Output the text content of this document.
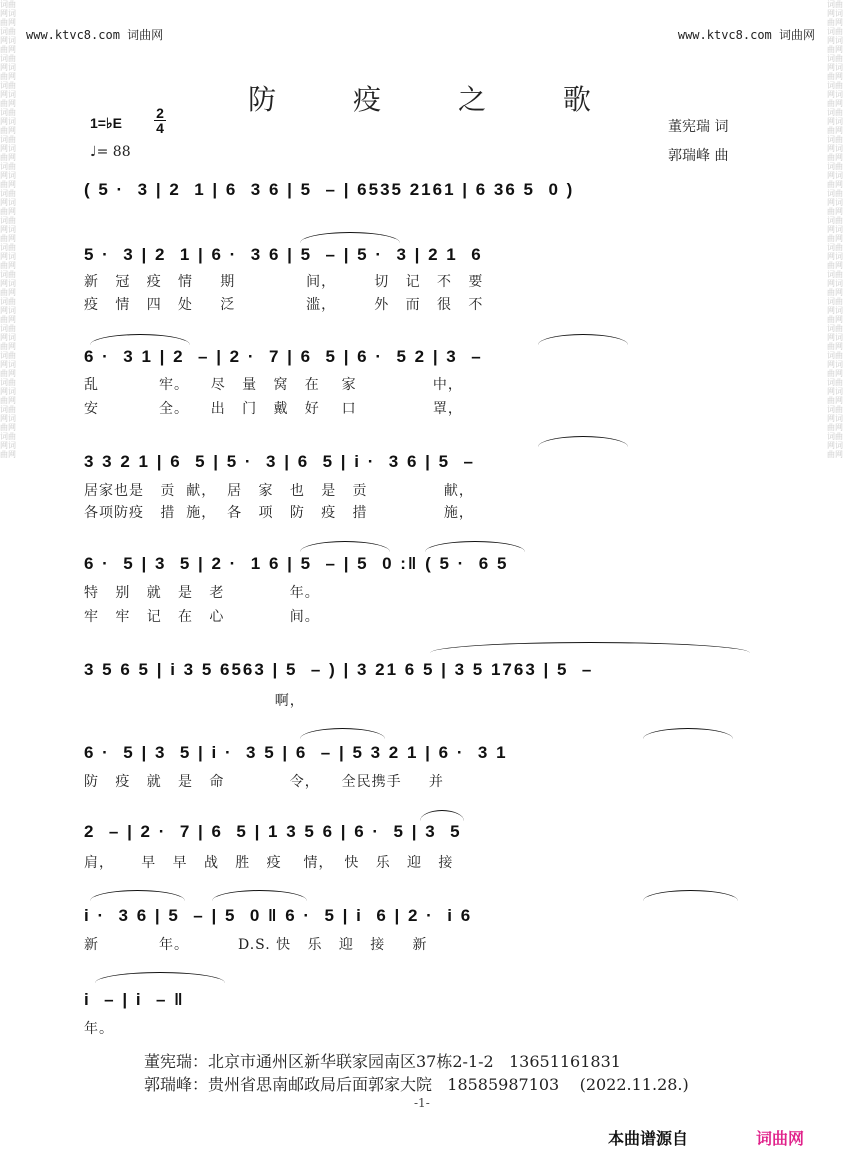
词曲网词曲网词曲网词曲网词曲网词曲网词曲网词曲网词曲网词曲网词曲网词曲网词曲网词曲网词曲网词曲网词曲网词曲网词曲网词曲网词曲网词曲网词曲网词曲网词曲网词曲网词曲网词曲网词曲网词曲网词曲网词曲网词曲网词曲网
词曲网词曲网词曲网词曲网词曲网词曲网词曲网词曲网词曲网词曲网词曲网词曲网词曲网词曲网词曲网词曲网词曲网词曲网词曲网词曲网词曲网词曲网词曲网词曲网词曲网词曲网词曲网词曲网词曲网词曲网词曲网词曲网词曲网词曲网
www.ktvc8.com 词曲网	www.ktvc8.com 词曲网
防 疫 之 歌
1=♭E
2
4
♩= 88
董宪瑞 词
郭瑞峰 曲
( 5 ·  3 | 2  1 | 6  3 6 | 5  – | 6535 2161 | 6 36 5  0 )
5 ·  3 | 2  1 | 6 ·  3 6 | 5  – | 5 ·  3 | 2 1  6
新   冠   疫   情     期             间，       切   记   不   要
疫   情   四   处     泛             滥，       外   而   很   不
6 ·  3 1 | 2  – | 2 ·  7 | 6  5 | 6 ·  5 2 | 3  –
乱           牢。    尽   量   窝   在    家              中，
安           全。    出   门   戴   好    口              罩，
3 3 2 1 | 6  5 | 5 ·  3 | 6  5 | i ·  3 6 | 5  –
居家也是   贡  献，  居   家   也   是   贡              献，
各项防疫   措  施，  各   项   防   疫   措              施，
6 ·  5 | 3  5 | 2 ·  1 6 | 5  – | 5  0 :‖ ( 5 ·  6 5
特   别   就   是   老            年。
牢   牢   记   在   心            间。
3 5 6 5 | i 3 5 6563 | 5  – ) | 3 21 6 5 | 3 5 1763 | 5  –
啊，
6 ·  5 | 3  5 | i ·  3 5 | 6  – | 5 3 2 1 | 6 ·  3 1
防   疫   就   是   命            令，    全民携手     并
2  – | 2 ·  7 | 6  5 | 1 3 5 6 | 6 ·  5 | 3  5
肩，     早   早   战   胜   疫    情，  快   乐   迎   接
i ·  3 6 | 5  – | 5  0 ‖ 6 ·  5 | i  6 | 2 ·  i 6
新           年。         D.S. 快   乐   迎   接     新
i  – | i  – ‖
年。
董宪瑞：北京市通州区新华联家园南区37栋2-1-2   13651161831
郭瑞峰：贵州省思南邮政局后面郭家大院   18585987103    (2022.11.28.)
-1-
本曲谱源自	词曲网
